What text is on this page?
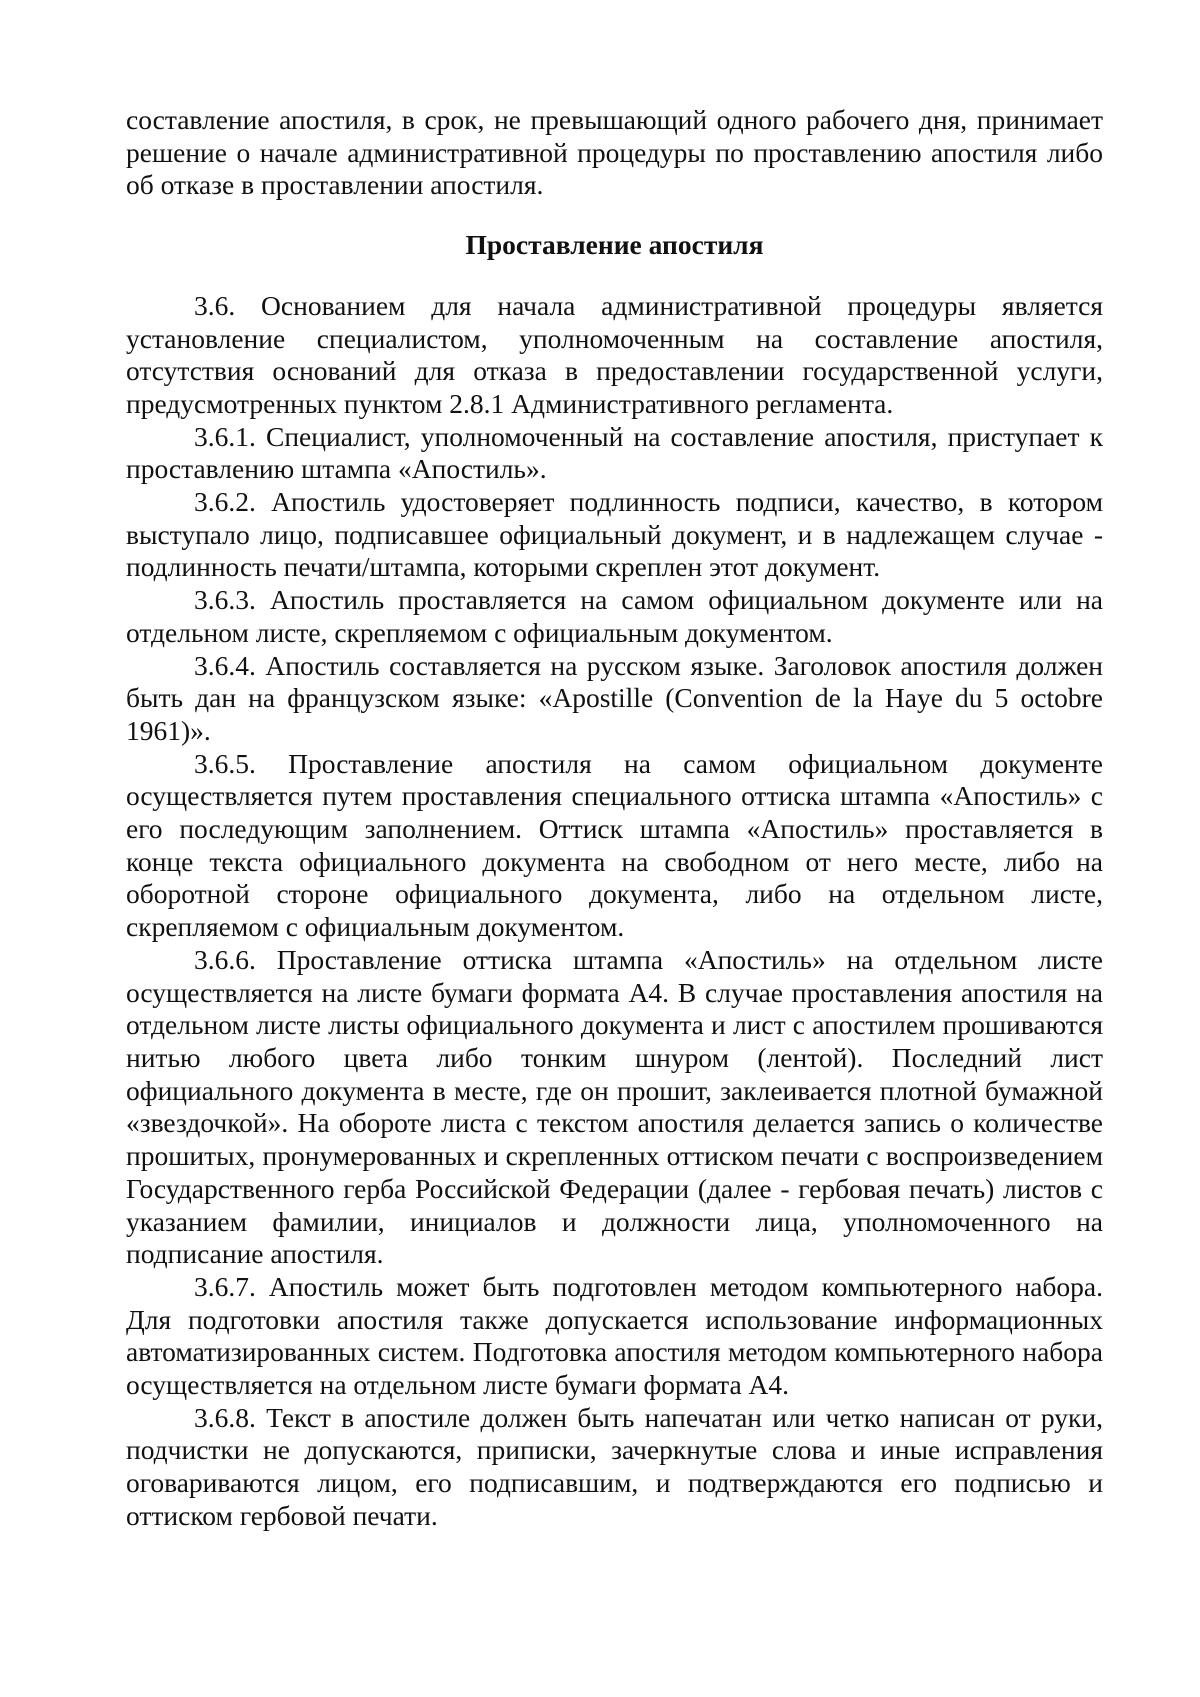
составление апостиля, в срок, не превышающий одного рабочего дня, принимает решение о начале административной процедуры по проставлению апостиля либо об отказе в проставлении апостиля.

Проставление апостиля

3.6. Основанием для начала административной процедуры является установление специалистом, уполномоченным на составление апостиля, отсутствия оснований для отказа в предоставлении государственной услуги, предусмотренных пунктом 2.8.1 Административного регламента.

3.6.1. Специалист, уполномоченный на составление апостиля, приступает к проставлению штампа «Апостиль».

3.6.2. Апостиль удостоверяет подлинность подписи, качество, в котором выступало лицо, подписавшее официальный документ, и в надлежащем случае - подлинность печати/штампа, которыми скреплен этот документ.

3.6.3. Апостиль проставляется на самом официальном документе или на отдельном листе, скрепляемом с официальным документом.

3.6.4. Апостиль составляется на русском языке. Заголовок апостиля должен быть дан на французском языке: «Apostille (Convention de la Haye du 5 octobre 1961)».

3.6.5. Проставление апостиля на самом официальном документе осуществляется путем проставления специального оттиска штампа «Апостиль» с его последующим заполнением. Оттиск штампа «Апостиль» проставляется в конце текста официального документа на свободном от него месте, либо на оборотной стороне официального документа, либо на отдельном листе, скрепляемом с официальным документом.

3.6.6. Проставление оттиска штампа «Апостиль» на отдельном листе осуществляется на листе бумаги формата А4. В случае проставления апостиля на отдельном листе листы официального документа и лист с апостилем прошиваются нитью любого цвета либо тонким шнуром (лентой). Последний лист официального документа в месте, где он прошит, заклеивается плотной бумажной «звездочкой». На обороте листа с текстом апостиля делается запись о количестве прошитых, пронумерованных и скрепленных оттиском печати с воспроизведением Государственного герба Российской Федерации (далее - гербовая печать) листов с указанием фамилии, инициалов и должности лица, уполномоченного на подписание апостиля.

3.6.7. Апостиль может быть подготовлен методом компьютерного набора. Для подготовки апостиля также допускается использование информационных автоматизированных систем. Подготовка апостиля методом компьютерного набора осуществляется на отдельном листе бумаги формата А4.

3.6.8. Текст в апостиле должен быть напечатан или четко написан от руки, подчистки не допускаются, приписки, зачеркнутые слова и иные исправления оговариваются лицом, его подписавшим, и подтверждаются его подписью и оттиском гербовой печати.
